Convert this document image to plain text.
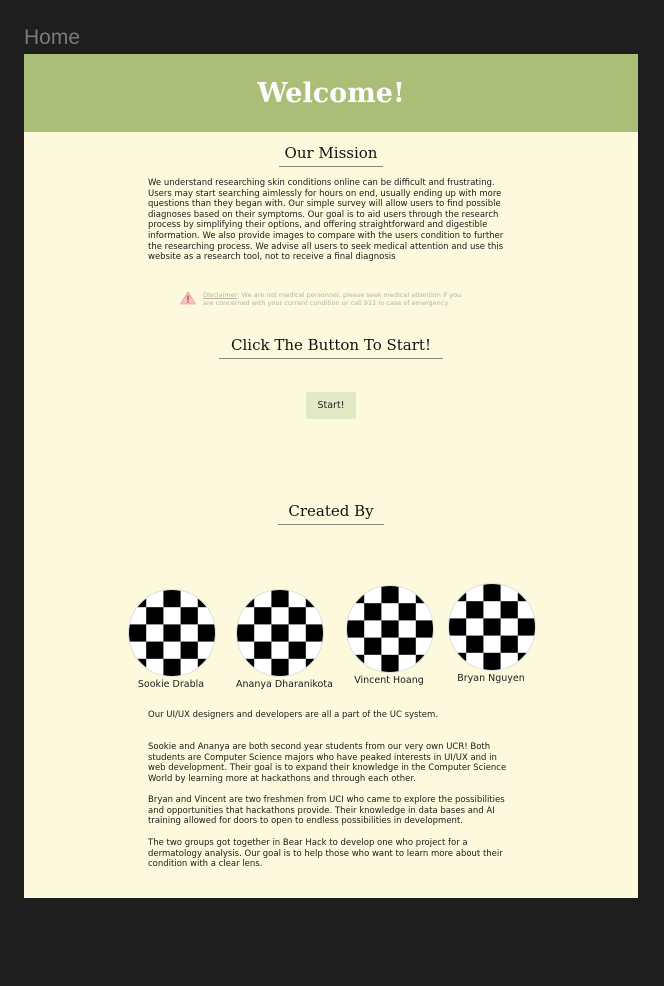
Home
Welcome!
Our Mission
We understand researching skin conditions online can be difficult and frustrating. Users may start searching aimlessly for hours on end, usually ending up with more questions than they began with. Our simple survey will allow users to find possible diagnoses based on their symptoms. Our goal is to aid users through the research process by simplifying their options, and offering straightforward and digestible information. We also provide images to compare with the users condition to further the researching process. We advise all users to seek medical attention and use this website as a research tool, not to receive a final diagnosis
Disclaimer: We are not medical personnel, please seek medical attention if you are concerned with your current condition or call 911 in case of emergency
Click The Button To Start!
Start!
Created By
Sookie Drabla	Ananya Dharanikota	Vincent Hoang	Bryan Nguyen
Our UI/UX designers and developers are all a part of the UC system.
Sookie and Ananya are both second year students from our very own UCR! Both students are Computer Science majors who have peaked interests in UI/UX and in web development. Their goal is to expand their knowledge in the Computer Science World by learning more at hackathons and through each other.
Bryan and Vincent are two freshmen from UCI who came to explore the possibilities and opportunities that hackathons provide. Their knowledge in data bases and AI training allowed for doors to open to endless possibilities in development.
The two groups got together in Bear Hack to develop one who project for a dermatology analysis. Our goal is to help those who want to learn more about their condition with a clear lens.
